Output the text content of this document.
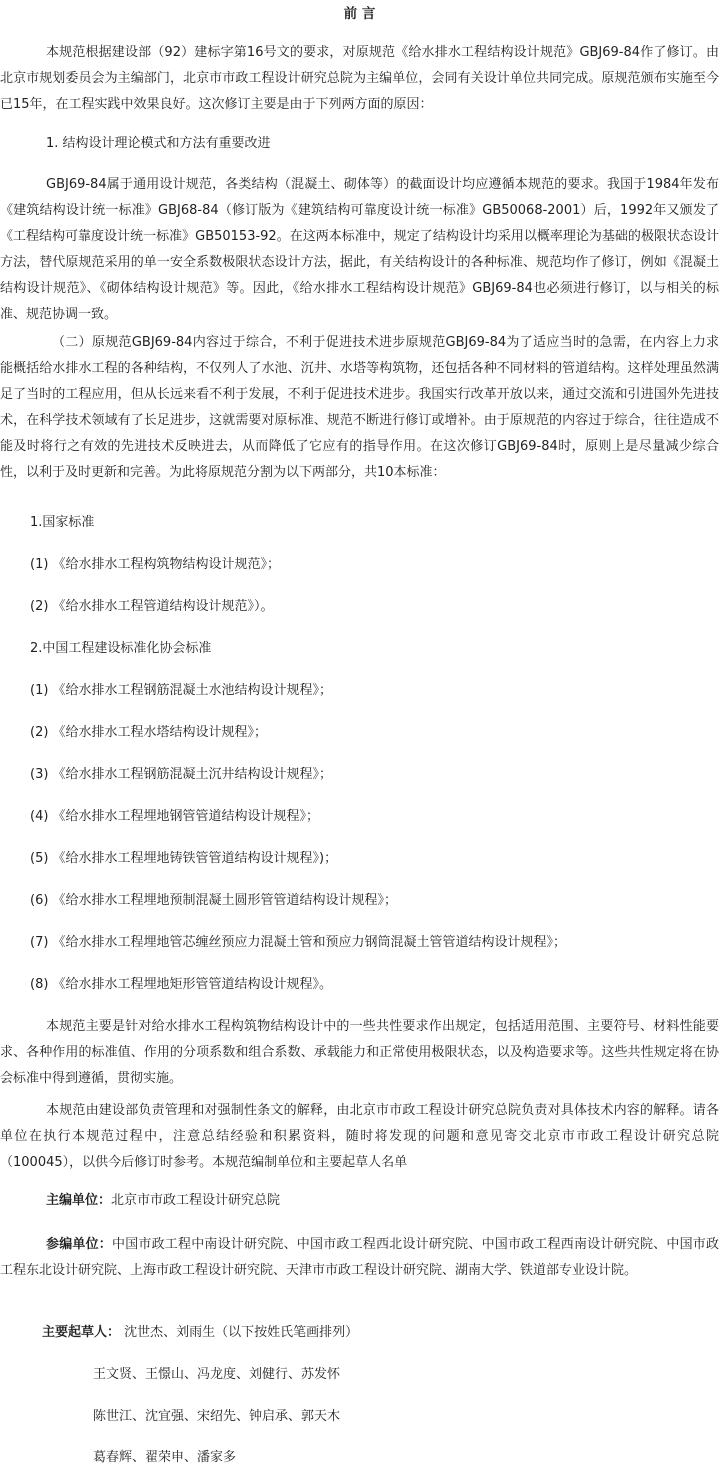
前 言
本规范根据建设部（92）建标字第16号文的要求，对原规范《给水排水工程结构设计规范》GBJ69-84作了修订。由北京市规划委员会为主编部门，北京市市政工程设计研究总院为主编单位，会同有关设计单位共同完成。原规范颁布实施至今已15年，在工程实践中效果良好。这次修订主要是由于下列两方面的原因：
1. 结构设计理论模式和方法有重要改进
GBJ69-84属于通用设计规范，各类结构（混凝土、砌体等）的截面设计均应遵循本规范的要求。我国于1984年发布《建筑结构设计统一标准》GBJ68-84（修订版为《建筑结构可靠度设计统一标准》GB50068-2001）后，1992年又颁发了《工程结构可靠度设计统一标准》GB50153-92。在这两本标准中，规定了结构设计均采用以概率理论为基础的极限状态设计方法，替代原规范采用的单一安全系数极限状态设计方法，据此，有关结构设计的各种标准、规范均作了修订，例如《混凝土结构设计规范》、《砌体结构设计规范》等。因此，《给水排水工程结构设计规范》GBJ69-84也必须进行修订，以与相关的标准、规范协调一致。
（二）原规范GBJ69-84内容过于综合，不利于促进技术进步原规范GBJ69-84为了适应当时的急需，在内容上力求能概括给水排水工程的各种结构，不仅列人了水池、沉井、水塔等构筑物，还包括各种不同材料的管道结构。这样处理虽然满足了当时的工程应用，但从长远来看不利于发展，不利于促进技术进步。我国实行改革开放以来，通过交流和引进国外先进技术，在科学技术领域有了长足进步，这就需要对原标准、规范不断进行修订或增补。由于原规范的内容过于综合，往往造成不能及时将行之有效的先进技术反映进去，从而降低了它应有的指导作用。在这次修订GBJ69-84时，原则上是尽量减少综合性，以利于及时更新和完善。为此将原规范分割为以下两部分，共10本标准：
1.国家标准
(1) 《给水排水工程构筑物结构设计规范》；
(2) 《给水排水工程管道结构设计规范》）。
2.中国工程建设标准化协会标准
(1) 《给水排水工程钢筋混凝土水池结构设计规程》；
(2) 《给水排水工程水塔结构设计规程》；
(3) 《给水排水工程钢筋混凝土沉井结构设计规程》；
(4) 《给水排水工程埋地钢管管道结构设计规程》；
(5) 《给水排水工程埋地铸铁管管道结构设计规程》)；
(6) 《给水排水工程埋地预制混凝土圆形管管道结构设计规程》；
(7) 《给水排水工程埋地管芯缠丝预应力混凝土管和预应力钢筒混凝土管管道结构设计规程》；
(8) 《给水排水工程埋地矩形管管道结构设计规程》。
本规范主要是针对给水排水工程构筑物结构设计中的一些共性要求作出规定，包括适用范围、主要符号、材料性能要求、各种作用的标准值、作用的分项系数和组合系数、承载能力和正常使用极限状态，以及构造要求等。这些共性规定将在协会标准中得到遵循，贯彻实施。
本规范由建设部负责管理和对强制性条文的解释，由北京市市政工程设计研究总院负责对具体技术内容的解释。请各单位在执行本规范过程中，注意总结经验和积累资料，随时将发现的问题和意见寄交北京市市政工程设计研究总院（100045），以供今后修订时参考。本规范编制单位和主要起草人名单
主编单位：北京市市政工程设计研究总院
参编单位：中国市政工程中南设计研究院、中国市政工程西北设计研究院、中国市政工程西南设计研究院、中国市政工程东北设计研究院、上海市政工程设计研究院、天津市市政工程设计研究院、湖南大学、铁道部专业设计院。
主要起草人： 沈世杰、刘雨生（以下按姓氏笔画排列）
王文贤、王憬山、冯龙度、刘健行、苏发怀
陈世江、沈宜强、宋绍先、钟启承、郭天木
葛春辉、翟荣申、潘家多
